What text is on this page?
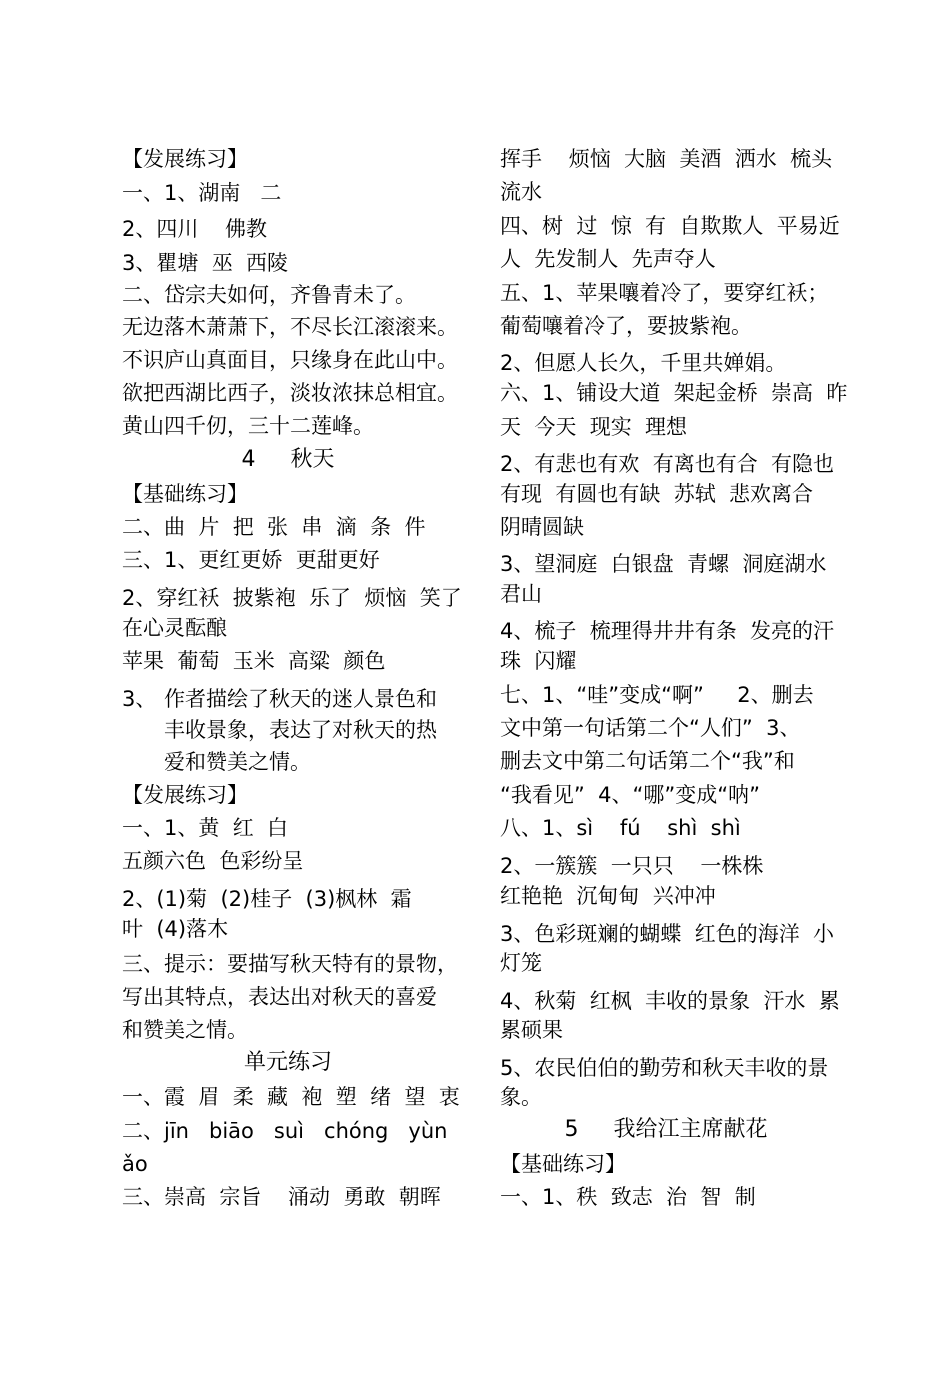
【发展练习】
一、1、湖南   二
2、四川    佛教
3、瞿塘  巫  西陵
二、岱宗夫如何，齐鲁青未了。
无边落木萧萧下，不尽长江滚滚来。
不识庐山真面目，只缘身在此山中。
欲把西湖比西子，淡妆浓抹总相宜。
黄山四千仞，三十二莲峰。
4     秋天
【基础练习】
二、曲  片  把  张  串  滴  条  件
三、1、更红更娇  更甜更好
2、穿红袄  披紫袍  乐了  烦恼  笑了
在心灵酝酿
苹果  葡萄  玉米  高粱  颜色
3、 作者描绘了秋天的迷人景色和
丰收景象，表达了对秋天的热
爱和赞美之情。
【发展练习】
一、1、黄  红  白
五颜六色  色彩纷呈
2、(1)菊  (2)桂子  (3)枫林  霜
叶  (4)落木
三、提示：要描写秋天特有的景物，
写出其特点，表达出对秋天的喜爱
和赞美之情。
单元练习
一、霞  眉  柔  藏  袍  塑  绪  望  衷
二、jīn   biāo   suì   chóng   yùn
ǎo
三、崇高  宗旨    涌动  勇敢  朝晖
挥手    烦恼  大脑  美酒  洒水  梳头
流水
四、树  过  惊  有  自欺欺人  平易近
人  先发制人  先声夺人
五、1、苹果嚷着冷了，要穿红袄；
葡萄嚷着冷了，要披紫袍。
2、但愿人长久，千里共婵娟。
六、1、铺设大道  架起金桥  崇高  昨
天  今天  现实  理想
2、有悲也有欢  有离也有合  有隐也
有现  有圆也有缺  苏轼  悲欢离合
阴晴圆缺
3、望洞庭  白银盘  青螺  洞庭湖水
君山
4、梳子  梳理得井井有条  发亮的汗
珠  闪耀
七、1、“哇”变成“啊”     2、删去
文中第一句话第二个“人们”  3、
删去文中第二句话第二个“我”和
“我看见”  4、“哪”变成“呐”
八、1、sì    fú    shì  shì
2、一簇簇  一只只    一株株
红艳艳  沉甸甸  兴冲冲
3、色彩斑斓的蝴蝶  红色的海洋  小
灯笼
4、秋菊  红枫  丰收的景象  汗水  累
累硕果
5、农民伯伯的勤劳和秋天丰收的景
象。
5     我给江主席献花
【基础练习】
一、1、秩  致志  治  智  制
